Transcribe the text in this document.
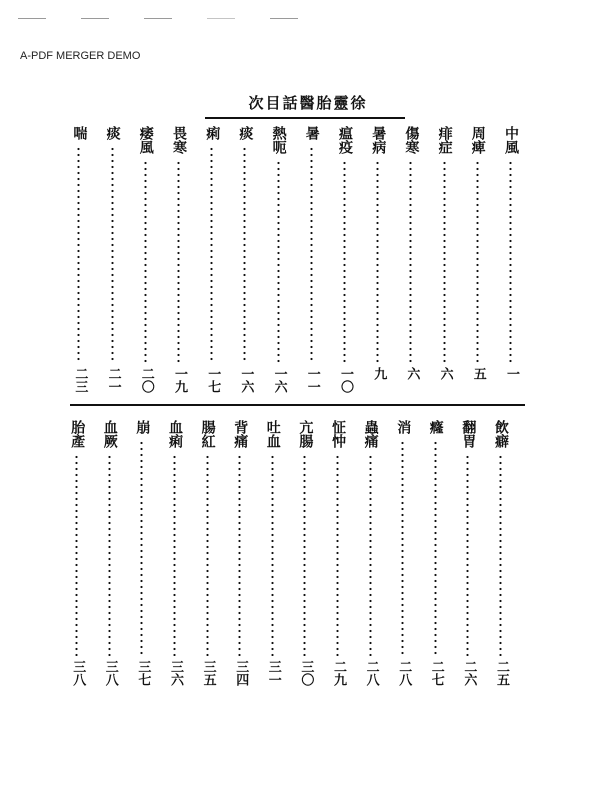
A-PDF MERGER DEMO
徐靈胎醫話目次
中風
一
周痺
五
痱症
六
傷寒
六
暑病
九
瘟疫
一〇
暑
一一
熱呃
一六
痰
一六
痢
一七
畏寒
一九
痿風
二〇
痰
二一
喘
二三
飲癖
二五
翻胃
二六
癃
二七
消
二八
蟲痛
二八
怔忡
二九
亢腸
三〇
吐血
三一
背痛
三四
腸紅
三五
血痢
三六
崩
三七
血厥
三八
胎產
三八
